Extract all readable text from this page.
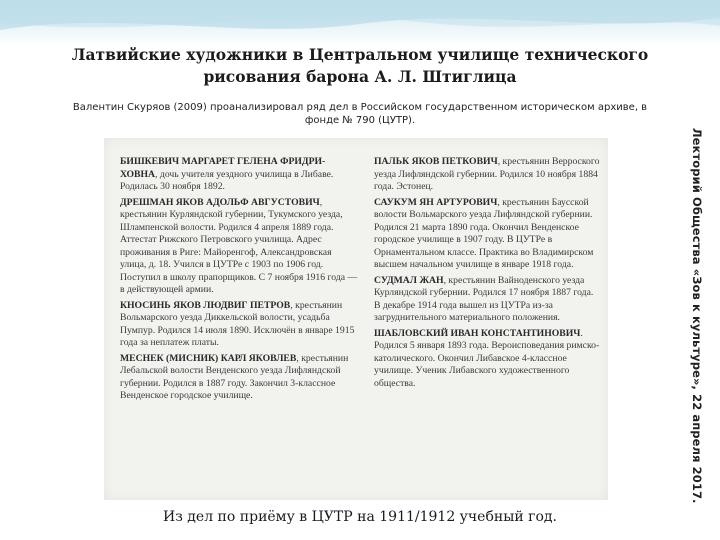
Латвийские художники в Центральном училище технического рисования барона А. Л. Штиглица
Валентин Скуряов (2009) проанализировал ряд дел в Российском государственном историческом архиве, в фонде № 790 (ЦУТР).
Лекторий Общества «Зов к культуре», 22 апреля 2017.
БИШКЕВИЧ МАРГАРЕТ ГЕЛЕНА ФРИДРИ-ХОВНА, дочь учителя уездного училища в Либаве. Родилась 30 ноября 1892.
ДРЕШМАН ЯКОВ АДОЛЬФ АВГУСТОВИЧ, крестьянин Курляндской губернии, Тукумского уезда, Шлампенской волости. Родился 4 апреля 1889 года. Аттестат Рижского Петровского училища. Адрес проживания в Риге: Майоренгоф, Александровская улица, д. 18. Учился в ЦУТРе с 1903 по 1906 год. Поступил в школу прапорщиков. С 7 ноября 1916 года — в действующей армии.
КНОСИНЬ ЯКОВ ЛЮДВИГ ПЕТРОВ, крестьянин Вольмарского уезда Диккельской волости, усадьба Пумпур. Родился 14 июля 1890. Исключён в январе 1915 года за неплатеж платы.
МЕСНЕК (МИСНИК) КАРЛ ЯКОВЛЕВ, крестьянин Лебальской волости Венденского уезда Лифляндской губернии. Родился в 1887 году. Закончил 3-классное Венденское городское училище.
ПАЛЬК ЯКОВ ПЕТКОВИЧ, крестьянин Верроского уезда Лифляндской губернии. Родился 10 ноября 1884 года. Эстонец.
САУКУМ ЯН АРТУРОВИЧ, крестьянин Баусской волости Вольмарского уезда Лифляндской губернии. Родился 21 марта 1890 года. Окончил Венденское городское училище в 1907 году. В ЦУТРе в Орнаментальном классе. Практика во Владимирском высшем начальном училище в январе 1918 года.
СУДМАЛ ЖАН, крестьянин Вайноденского уезда Курляндской губернии. Родился 17 ноября 1887 года. В декабре 1914 года вышел из ЦУТРа из-за загруднительного материального положения.
ШАБЛОВСКИЙ ИВАН КОНСТАНТИНОВИЧ. Родился 5 января 1893 года. Вероисповедания римско-католического. Окончил Либавское 4-классное училище. Ученик Либавского художественного общества.
Из дел по приёму в ЦУТР на 1911/1912 учебный год.
